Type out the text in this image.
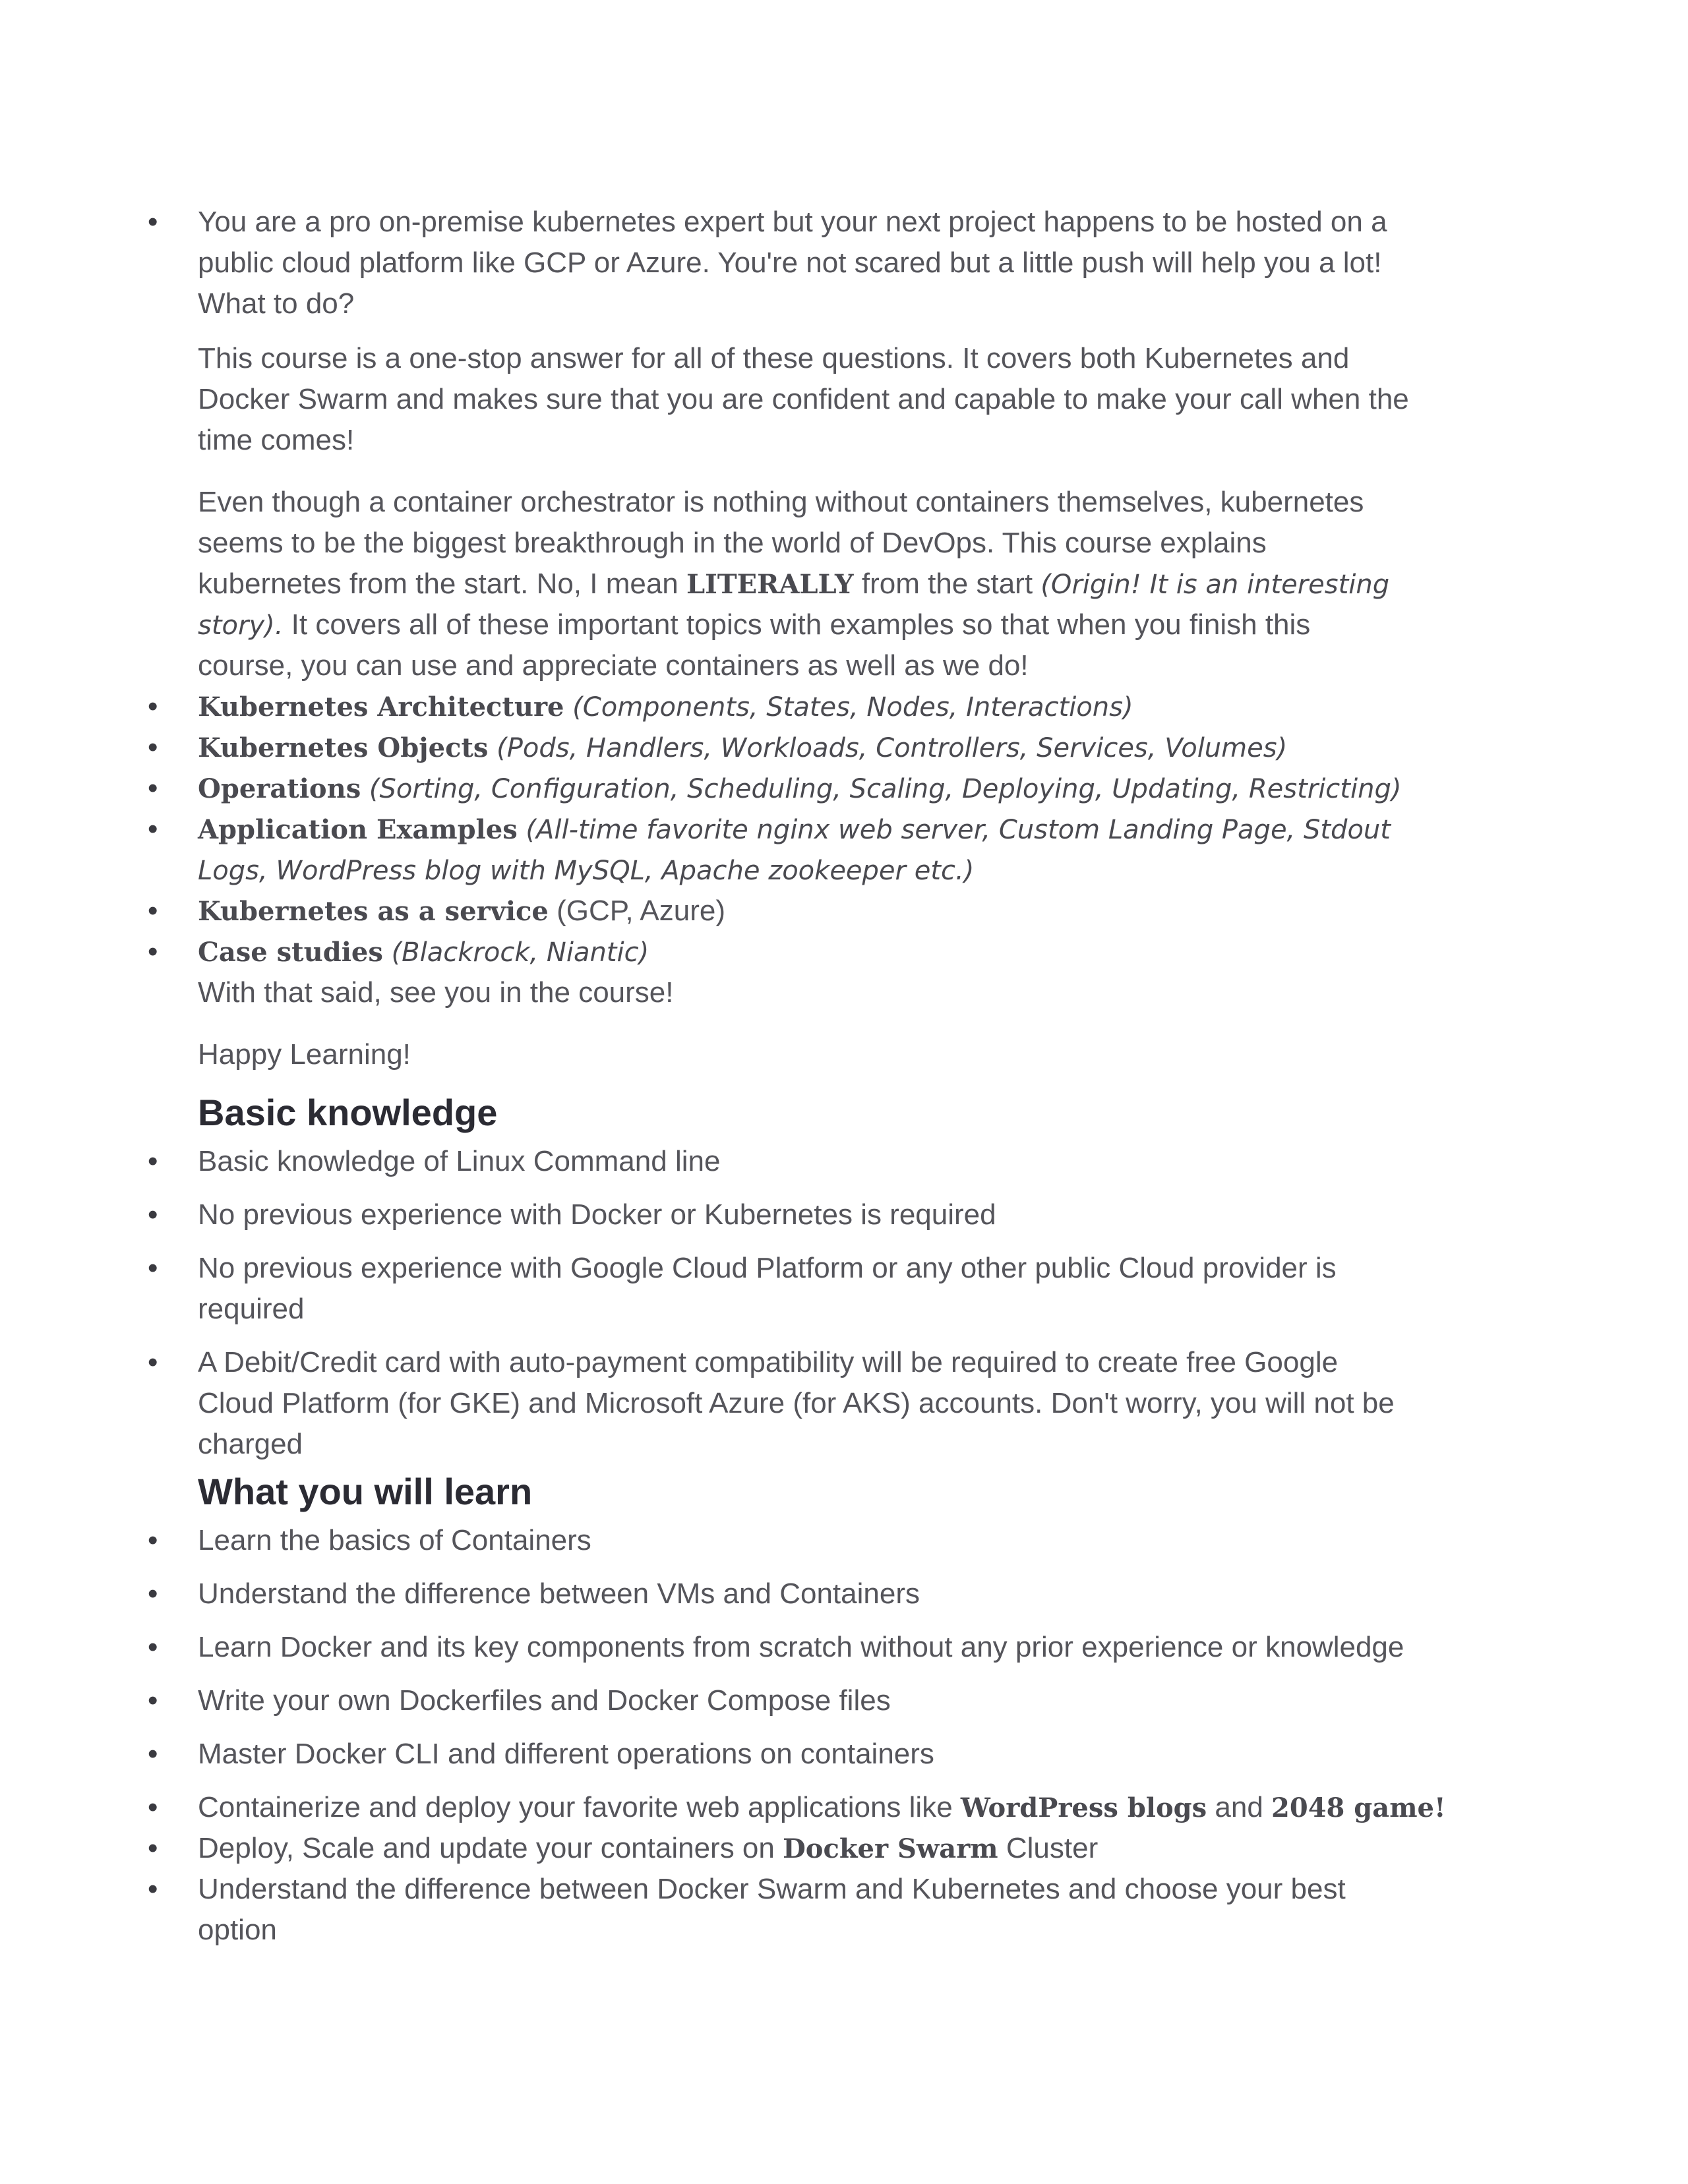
• You are a pro on-premise kubernetes expert but your next project happens to be hosted on a
public cloud platform like GCP or Azure. You're not scared but a little push will help you a lot!
What to do?
This course is a one-stop answer for all of these questions. It covers both Kubernetes and
Docker Swarm and makes sure that you are confident and capable to make your call when the
time comes!
Even though a container orchestrator is nothing without containers themselves, kubernetes
seems to be the biggest breakthrough in the world of DevOps. This course explains
kubernetes from the start. No, I mean LITERALLY from the start (Origin! It is an interesting
story). It covers all of these important topics with examples so that when you finish this
course, you can use and appreciate containers as well as we do!
• Kubernetes Architecture (Components, States, Nodes, Interactions)
• Kubernetes Objects (Pods, Handlers, Workloads, Controllers, Services, Volumes)
• Operations (Sorting, Configuration, Scheduling, Scaling, Deploying, Updating, Restricting)
• Application Examples (All-time favorite nginx web server, Custom Landing Page, Stdout
Logs, WordPress blog with MySQL, Apache zookeeper etc.)
• Kubernetes as a service (GCP, Azure)
• Case studies (Blackrock, Niantic)
With that said, see you in the course!
Happy Learning!
Basic knowledge
• Basic knowledge of Linux Command line
• No previous experience with Docker or Kubernetes is required
• No previous experience with Google Cloud Platform or any other public Cloud provider is
required
• A Debit/Credit card with auto-payment compatibility will be required to create free Google
Cloud Platform (for GKE) and Microsoft Azure (for AKS) accounts. Don't worry, you will not be
charged
What you will learn
• Learn the basics of Containers
• Understand the difference between VMs and Containers
• Learn Docker and its key components from scratch without any prior experience or knowledge
• Write your own Dockerfiles and Docker Compose files
• Master Docker CLI and different operations on containers
• Containerize and deploy your favorite web applications like WordPress blogs and 2048 game!
• Deploy, Scale and update your containers on Docker Swarm Cluster
• Understand the difference between Docker Swarm and Kubernetes and choose your best
option
